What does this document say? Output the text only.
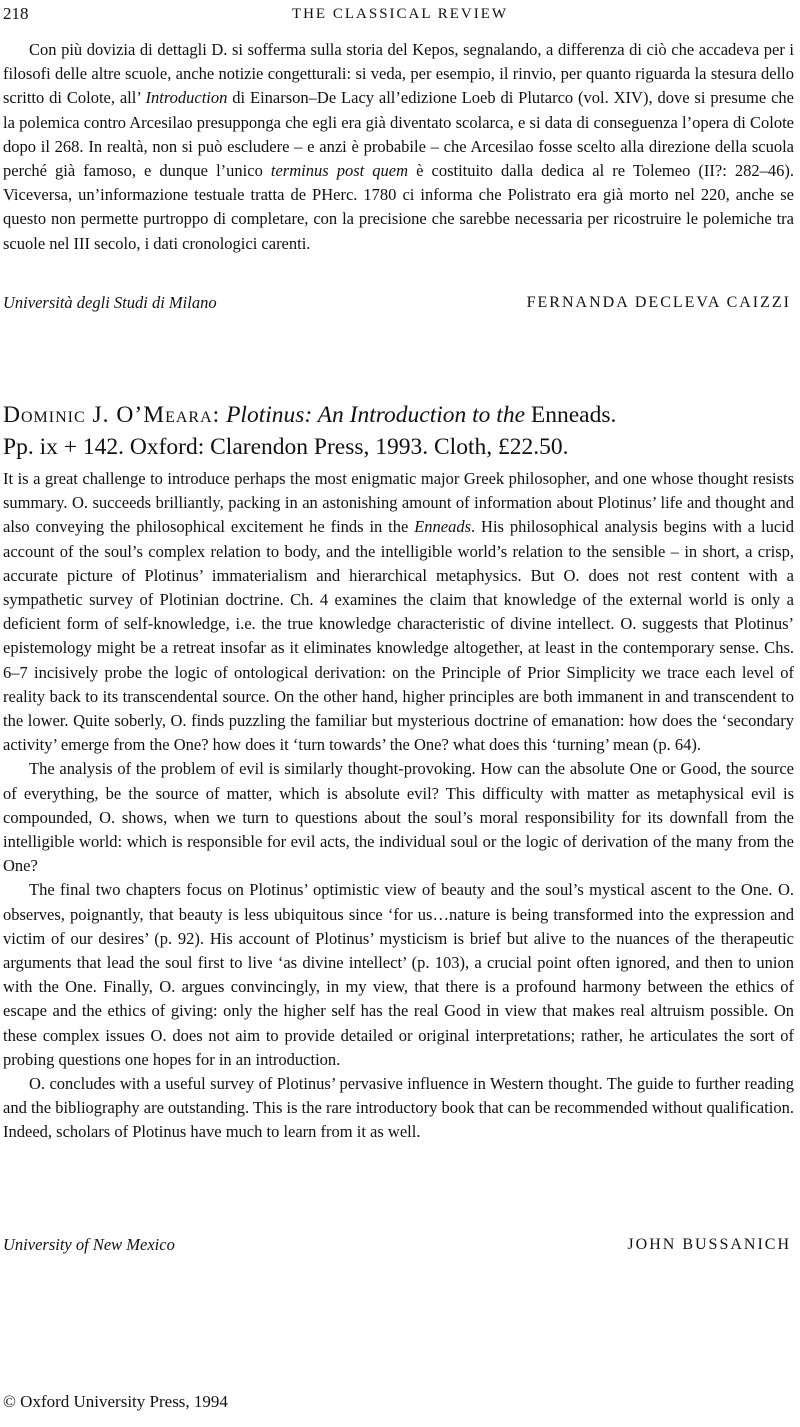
218	THE CLASSICAL REVIEW

Con più dovizia di dettagli D. si sofferma sulla storia del Kepos, segnalando, a differenza di ciò che accadeva per i filosofi delle altre scuole, anche notizie congetturali: si veda, per esempio, il rinvio, per quanto riguarda la stesura dello scritto di Colote, all’ Introduction di Einarson–De Lacy all’edizione Loeb di Plutarco (vol. XIV), dove si presume che la polemica contro Arcesilao presupponga che egli era già diventato scolarca, e si data di conseguenza l’opera di Colote dopo il 268. In realtà, non si può escludere – e anzi è probabile – che Arcesilao fosse scelto alla direzione della scuola perché già famoso, e dunque l’unico terminus post quem è costituito dalla dedica al re Tolemeo (II?: 282–46). Viceversa, un’informazione testuale tratta de PHerc. 1780 ci informa che Polistrato era già morto nel 220, anche se questo non permette purtroppo di completare, con la precisione che sarebbe necessaria per ricostruire le polemiche tra scuole nel III secolo, i dati cronologici carenti.

Università degli Studi di Milano	FERNANDA DECLEVA CAIZZI
Dominic J. O’Meara: Plotinus: An Introduction to the Enneads.
Pp. ix + 142. Oxford: Clarendon Press, 1993. Cloth, £22.50.

It is a great challenge to introduce perhaps the most enigmatic major Greek philosopher, and one whose thought resists summary. O. succeeds brilliantly, packing in an astonishing amount of information about Plotinus’ life and thought and also conveying the philosophical excitement he finds in the Enneads. His philosophical analysis begins with a lucid account of the soul’s complex relation to body, and the intelligible world’s relation to the sensible – in short, a crisp, accurate picture of Plotinus’ immaterialism and hierarchical metaphysics. But O. does not rest content with a sympathetic survey of Plotinian doctrine. Ch. 4 examines the claim that knowledge of the external world is only a deficient form of self-knowledge, i.e. the true knowledge characteristic of divine intellect. O. suggests that Plotinus’ epistemology might be a retreat insofar as it eliminates knowledge altogether, at least in the contemporary sense. Chs. 6–7 incisively probe the logic of ontological derivation: on the Principle of Prior Simplicity we trace each level of reality back to its transcendental source. On the other hand, higher principles are both immanent in and transcendent to the lower. Quite soberly, O. finds puzzling the familiar but mysterious doctrine of emanation: how does the ‘secondary activity’ emerge from the One? how does it ‘turn towards’ the One? what does this ‘turning’ mean (p. 64).

The analysis of the problem of evil is similarly thought-provoking. How can the absolute One or Good, the source of everything, be the source of matter, which is absolute evil? This difficulty with matter as metaphysical evil is compounded, O. shows, when we turn to questions about the soul’s moral responsibility for its downfall from the intelligible world: which is responsible for evil acts, the individual soul or the logic of derivation of the many from the One?

The final two chapters focus on Plotinus’ optimistic view of beauty and the soul’s mystical ascent to the One. O. observes, poignantly, that beauty is less ubiquitous since ‘for us…nature is being transformed into the expression and victim of our desires’ (p. 92). His account of Plotinus’ mysticism is brief but alive to the nuances of the therapeutic arguments that lead the soul first to live ‘as divine intellect’ (p. 103), a crucial point often ignored, and then to union with the One. Finally, O. argues convincingly, in my view, that there is a profound harmony between the ethics of escape and the ethics of giving: only the higher self has the real Good in view that makes real altruism possible. On these complex issues O. does not aim to provide detailed or original interpretations; rather, he articulates the sort of probing questions one hopes for in an introduction.

O. concludes with a useful survey of Plotinus’ pervasive influence in Western thought. The guide to further reading and the bibliography are outstanding. This is the rare introductory book that can be recommended without qualification. Indeed, scholars of Plotinus have much to learn from it as well.

University of New Mexico	JOHN BUSSANICH
© Oxford University Press, 1994
